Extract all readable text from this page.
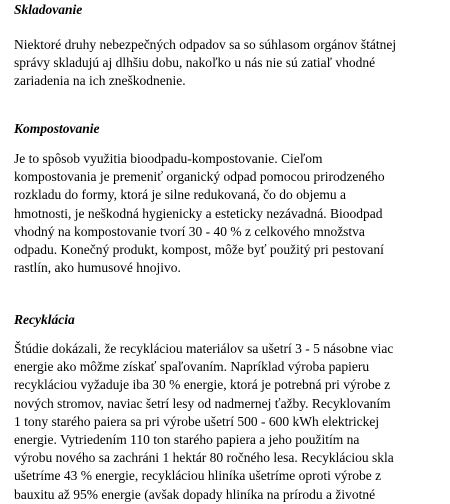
Skladovanie

Niektoré druhy nebezpečných odpadov sa so súhlasom orgánov štátnej
správy skladujú aj dlhšiu dobu, nakoľko u nás nie sú zatiaľ vhodné
zariadenia na ich zneškodnenie.

Kompostovanie

Je to spôsob využitia bioodpadu-kompostovanie. Cieľom
kompostovania je premeniť organický odpad pomocou prirodzeného
rozkladu do formy, ktorá je silne redukovaná, čo do objemu a
hmotnosti, je neškodná hygienicky a esteticky nezávadná. Bioodpad
vhodný na kompostovanie tvorí 30 - 40 % z celkového množstva
odpadu. Konečný produkt, kompost, môže byť použitý pri pestovaní
rastlín, ako humusové hnojivo.

Recyklácia

Štúdie dokázali, že recykláciou materiálov sa ušetrí 3 - 5 násobne viac
energie ako môžme získať spaľovaním. Napríklad výroba papieru
recykláciou vyžaduje iba 30 % energie, ktorá je potrebná pri výrobe z
nových stromov, naviac šetrí lesy od nadmernej ťažby. Recyklovaním
1 tony starého paiera sa pri výrobe ušetrí 500 - 600 kWh elektrickej
energie. Vytriedením 110 ton starého papiera a jeho použitím na
výrobu nového sa zachráni 1 hektár 80 ročného lesa. Recykláciou skla
ušetríme 43 % energie, recykláciou hliníka ušetríme oproti výrobe z
bauxitu až 95% energie (avšak dopady hliníka na prírodu a životné
